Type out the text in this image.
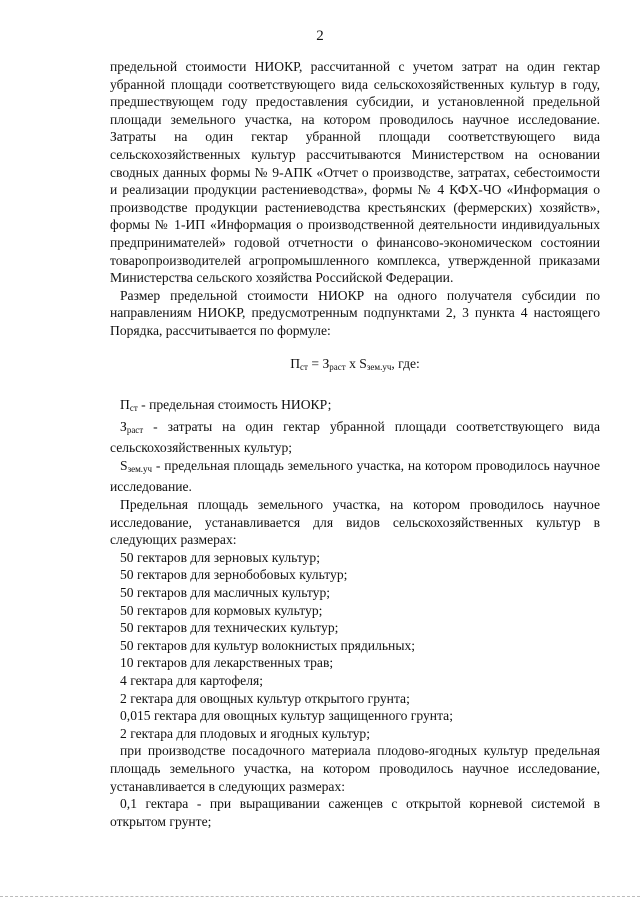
2

предельной стоимости НИОКР, рассчитанной с учетом затрат на один гектар убранной площади соответствующего вида сельскохозяйственных культур в году, предшествующем году предоставления субсидии, и установленной предельной площади земельного участка, на котором проводилось научное исследование. Затраты на один гектар убранной площади соответствующего вида сельскохозяйственных культур рассчитываются Министерством на основании сводных данных формы № 9-АПК «Отчет о производстве, затратах, себестоимости и реализации продукции растениеводства», формы № 4 КФХ-ЧО «Информация о производстве продукции растениеводства крестьянских (фермерских) хозяйств», формы № 1-ИП «Информация о производственной деятельности индивидуальных предпринимателей» годовой отчетности о финансово-экономическом состоянии товаропроизводителей агропромышленного комплекса, утвержденной приказами Министерства сельского хозяйства Российской Федерации.

Размер предельной стоимости НИОКР на одного получателя субсидии по направлениям НИОКР, предусмотренным подпунктами 2, 3 пункта 4 настоящего Порядка, рассчитывается по формуле:

$П_{ст} = З_{раст}$ х $S_{зем.уч}$, где:

$П_{ст}$ - предельная стоимость НИОКР;

$З_{раст}$ - затраты на один гектар убранной площади соответствующего вида сельскохозяйственных культур;

$S_{зем.уч}$ - предельная площадь земельного участка, на котором проводилось научное исследование.

Предельная площадь земельного участка, на котором проводилось научное исследование, устанавливается для видов сельскохозяйственных культур в следующих размерах:

50 гектаров для зерновых культур;

50 гектаров для зернобобовых культур;

50 гектаров для масличных культур;

50 гектаров для кормовых культур;

50 гектаров для технических культур;

50 гектаров для культур волокнистых прядильных;

10 гектаров для лекарственных трав;

4 гектара для картофеля;

2 гектара для овощных культур открытого грунта;

0,015 гектара для овощных культур защищенного грунта;

2 гектара для плодовых и ягодных культур;

при производстве посадочного материала плодово-ягодных культур предельная площадь земельного участка, на котором проводилось научное исследование, устанавливается в следующих размерах:

0,1 гектара - при выращивании саженцев с открытой корневой системой в открытом грунте;
